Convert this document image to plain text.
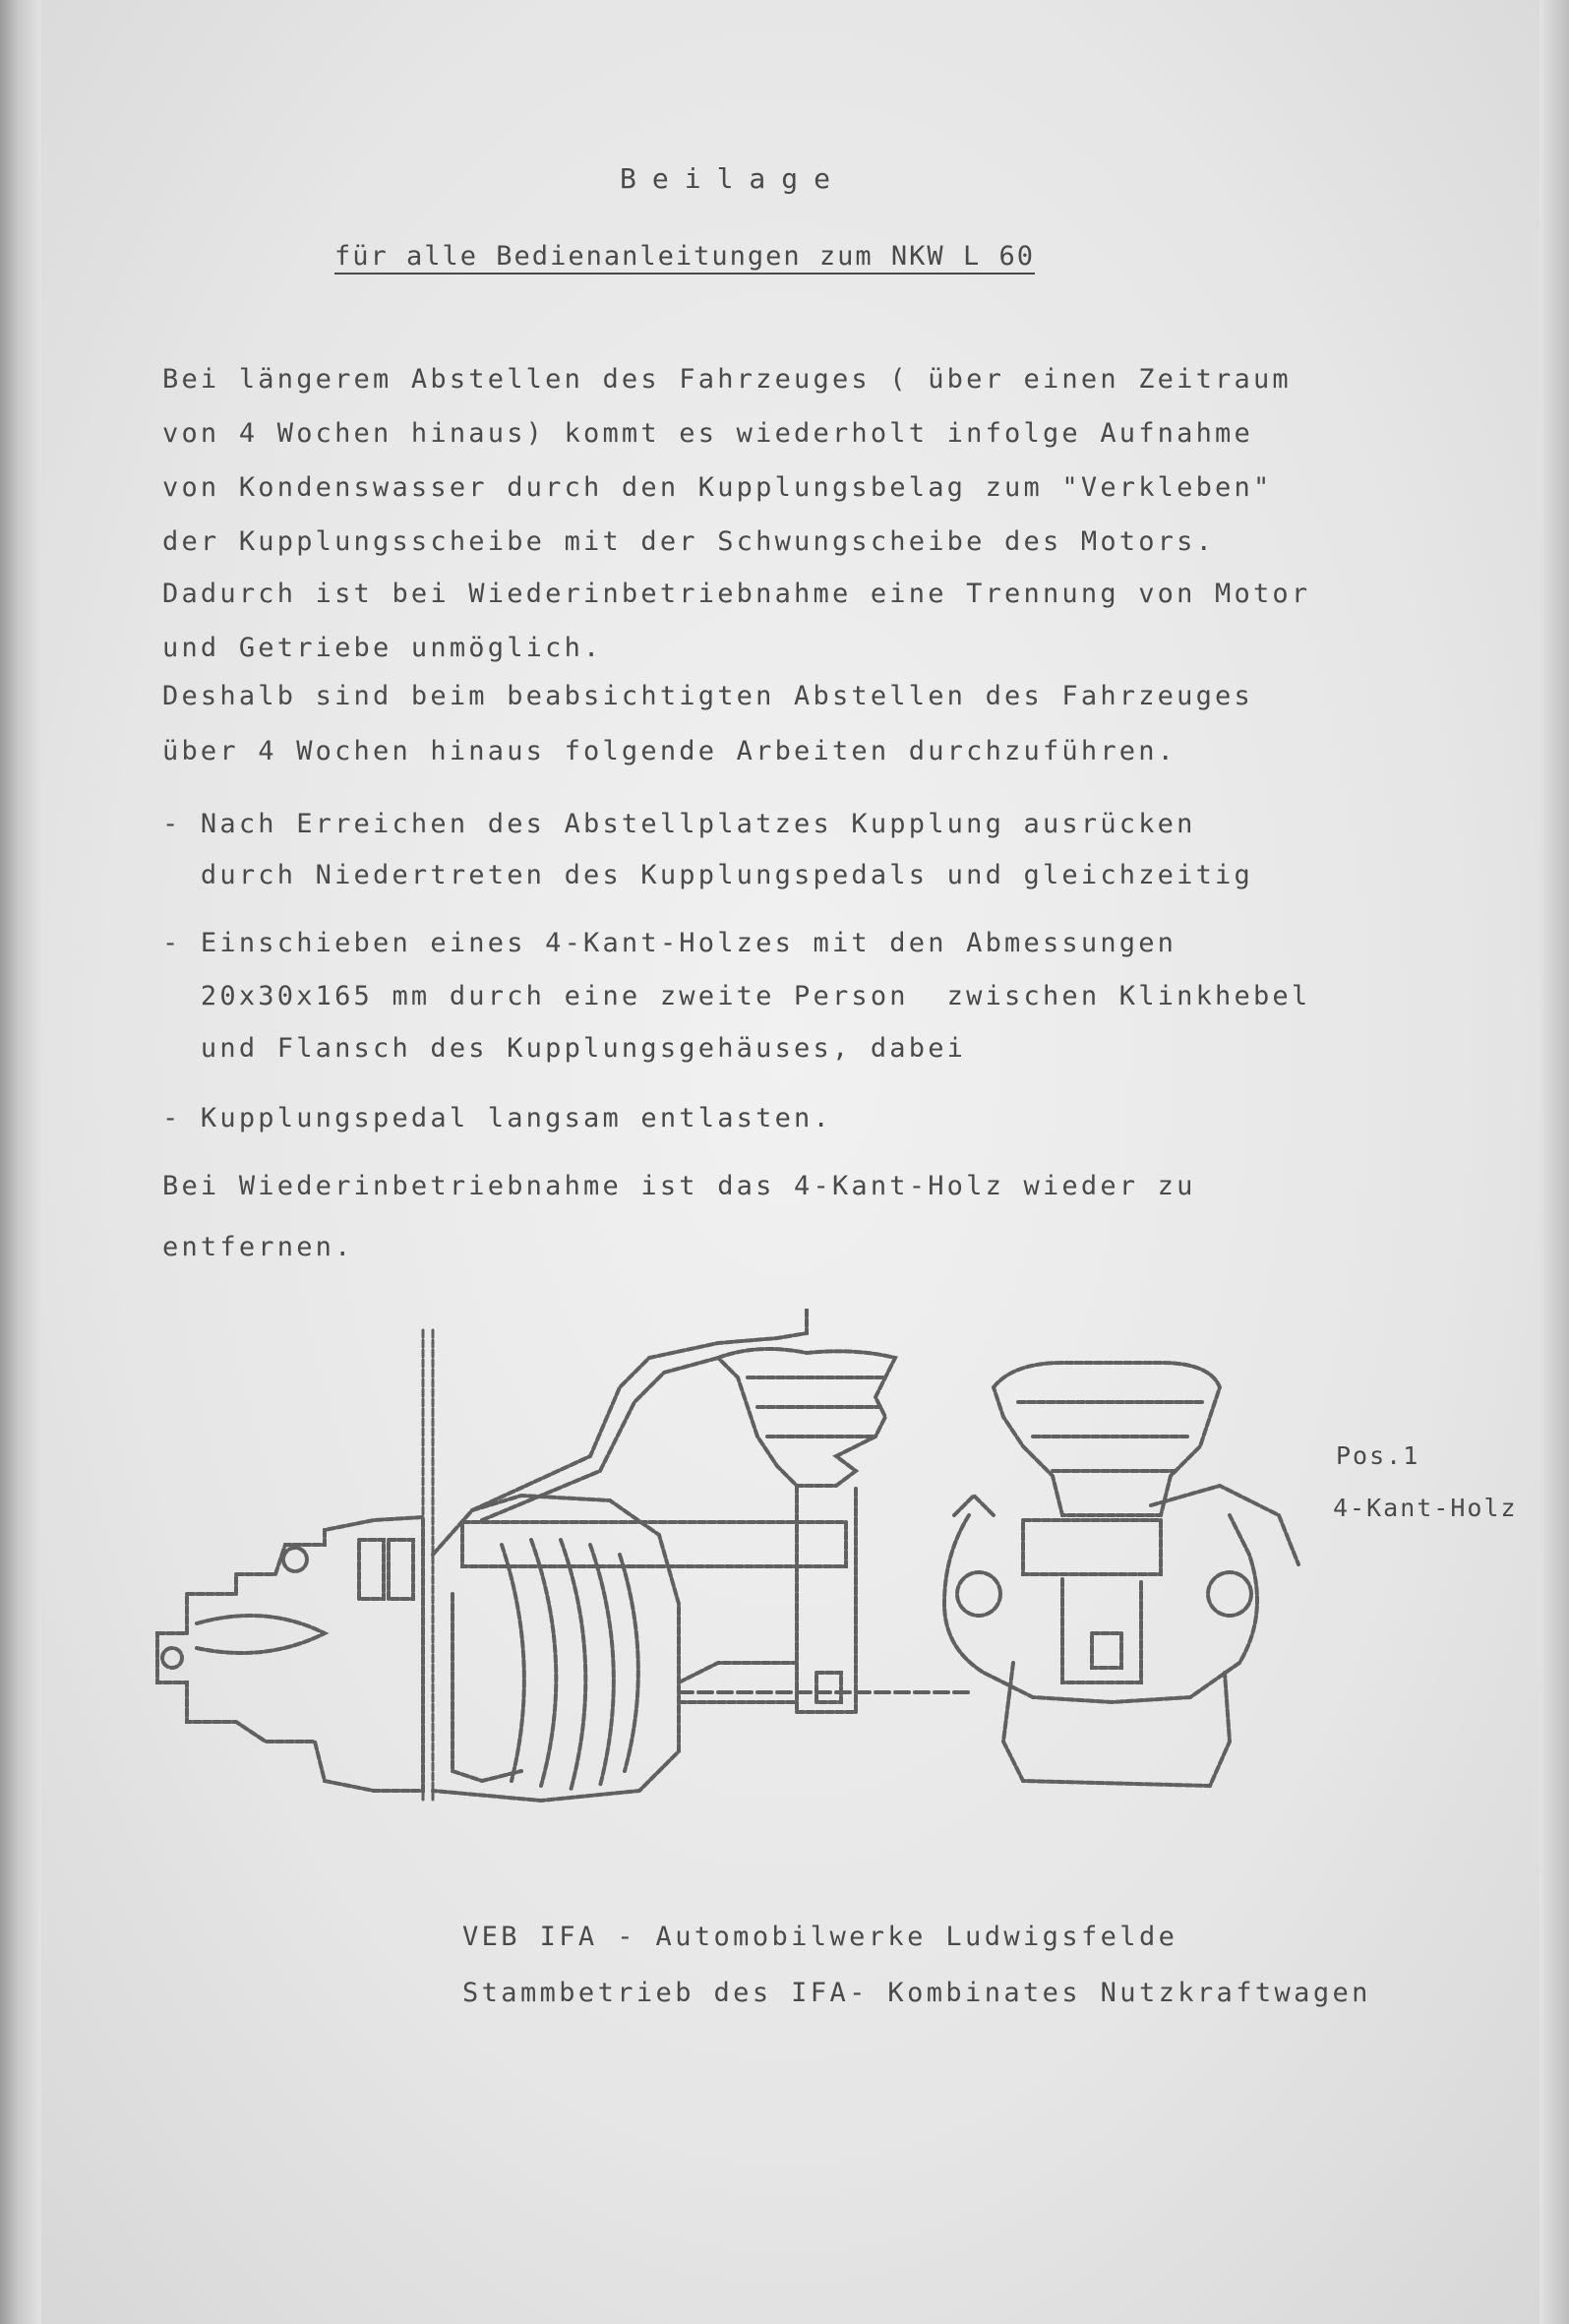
Beilage
für alle Bedienanleitungen zum NKW L 60
Bei längerem Abstellen des Fahrzeuges ( über einen Zeitraum
von 4 Wochen hinaus) kommt es wiederholt infolge Aufnahme
von Kondenswasser durch den Kupplungsbelag zum "Verkleben"
der Kupplungsscheibe mit der Schwungscheibe des Motors.
Dadurch ist bei Wiederinbetriebnahme eine Trennung von Motor
und Getriebe unmöglich.
Deshalb sind beim beabsichtigten Abstellen des Fahrzeuges
über 4 Wochen hinaus folgende Arbeiten durchzuführen.
- Nach Erreichen des Abstellplatzes Kupplung ausrücken
durch Niedertreten des Kupplungspedals und gleichzeitig
- Einschieben eines 4-Kant-Holzes mit den Abmessungen
20x30x165 mm durch eine zweite Person  zwischen Klinkhebel
und Flansch des Kupplungsgehäuses, dabei
- Kupplungspedal langsam entlasten.
Bei Wiederinbetriebnahme ist das 4-Kant-Holz wieder zu
entfernen.
Pos.1
4-Kant-Holz
VEB IFA - Automobilwerke Ludwigsfelde
Stammbetrieb des IFA- Kombinates Nutzkraftwagen
